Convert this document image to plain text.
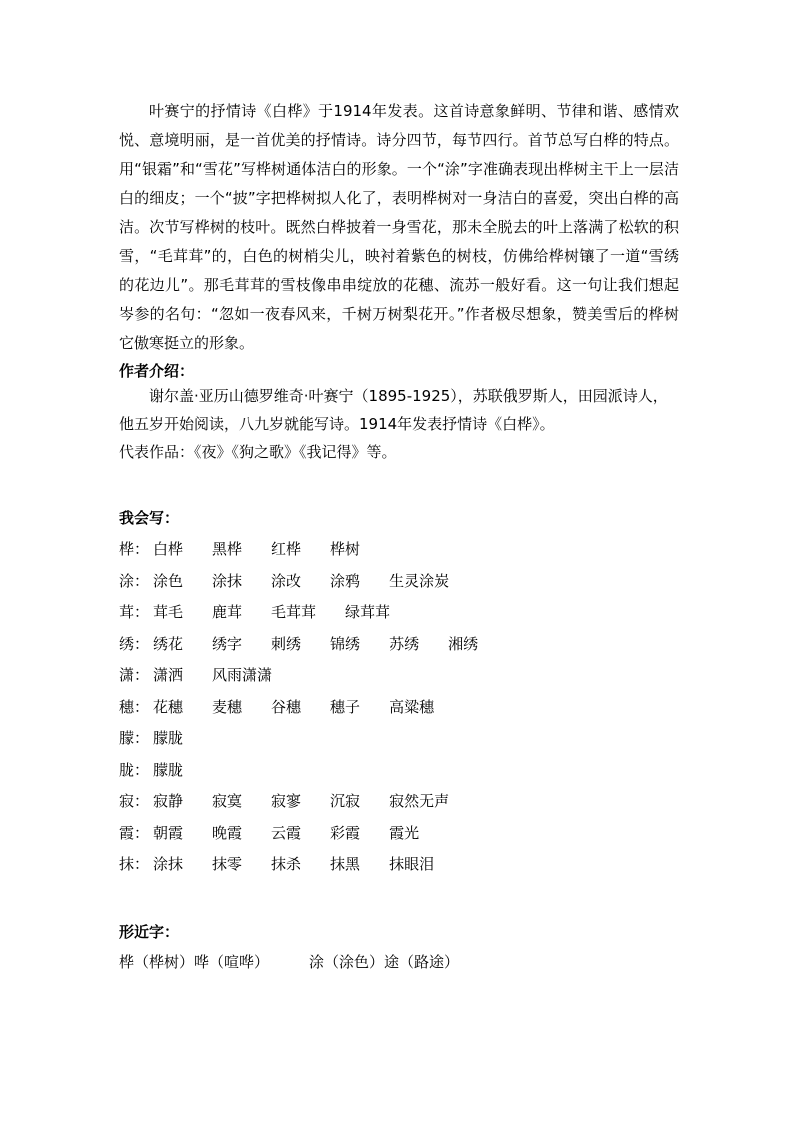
叶赛宁的抒情诗《白桦》于1914年发表。这首诗意象鲜明、节律和谐、感情欢悦、意境明丽，是一首优美的抒情诗。诗分四节，每节四行。首节总写白桦的特点。用“银霜”和“雪花”写桦树通体洁白的形象。一个“涂”字准确表现出桦树主干上一层洁白的细皮；一个“披”字把桦树拟人化了，表明桦树对一身洁白的喜爱，突出白桦的高洁。次节写桦树的枝叶。既然白桦披着一身雪花，那未全脱去的叶上落满了松软的积雪，“毛茸茸”的，白色的树梢尖儿，映衬着紫色的树枝，仿佛给桦树镶了一道“雪绣的花边儿”。那毛茸茸的雪枝像串串绽放的花穗、流苏一般好看。这一句让我们想起岑参的名句：“忽如一夜春风来，千树万树梨花开。”作者极尽想象，赞美雪后的桦树它傲寒挺立的形象。

作者介绍：

谢尔盖·亚历山德罗维奇·叶赛宁（1895-1925），苏联俄罗斯人，田园派诗人，他五岁开始阅读，八九岁就能写诗。1914年发表抒情诗《白桦》。

代表作品：《夜》《狗之歌》《我记得》等。

我会写：
桦： 白桦 黑桦 红桦 桦树
涂： 涂色 涂抹 涂改 涂鸦 生灵涂炭
茸： 茸毛 鹿茸 毛茸茸 绿茸茸
绣： 绣花 绣字 刺绣 锦绣 苏绣 湘绣
潇： 潇洒 风雨潇潇
穗： 花穗 麦穗 谷穗 穗子 高粱穗
朦： 朦胧
胧： 朦胧
寂： 寂静 寂寞 寂寥 沉寂 寂然无声
霞： 朝霞 晚霞 云霞 彩霞 霞光
抹： 涂抹 抹零 抹杀 抹黑 抹眼泪
形近字：
桦（桦树）哗（喧哗）	涂（涂色）途（路途）
